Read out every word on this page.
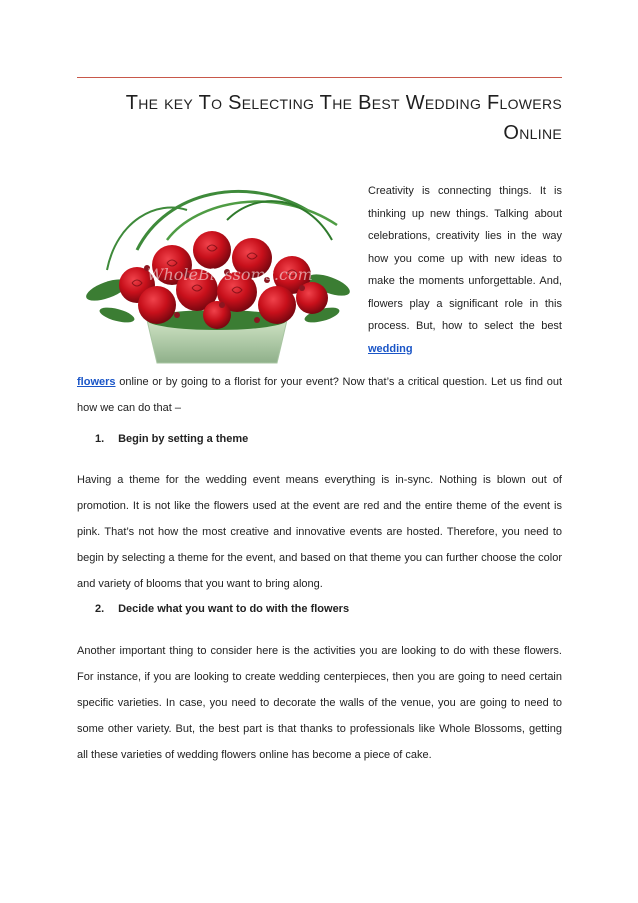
The key To Selecting The Best Wedding Flowers
Online
WholeBlossoms.com
Creativity is connecting things. It is thinking up new things. Talking about celebrations, creativity lies in the way how you come up with new ideas to make the moments unforgettable. And, flowers play a significant role in this process. But, how to select the best wedding

flowers online or by going to a florist for your event? Now that’s a critical question. Let us find out how we can do that –

1. Begin by setting a theme

Having a theme for the wedding event means everything is in-sync. Nothing is blown out of promotion. It is not like the flowers used at the event are red and the entire theme of the event is pink. That’s not how the most creative and innovative events are hosted. Therefore, you need to begin by selecting a theme for the event, and based on that theme you can further choose the color and variety of blooms that you want to bring along.

2. Decide what you want to do with the flowers

Another important thing to consider here is the activities you are looking to do with these flowers. For instance, if you are looking to create wedding centerpieces, then you are going to need certain specific varieties. In case, you need to decorate the walls of the venue, you are going to need to some other variety. But, the best part is that thanks to professionals like Whole Blossoms, getting all these varieties of wedding flowers online has become a piece of cake.
